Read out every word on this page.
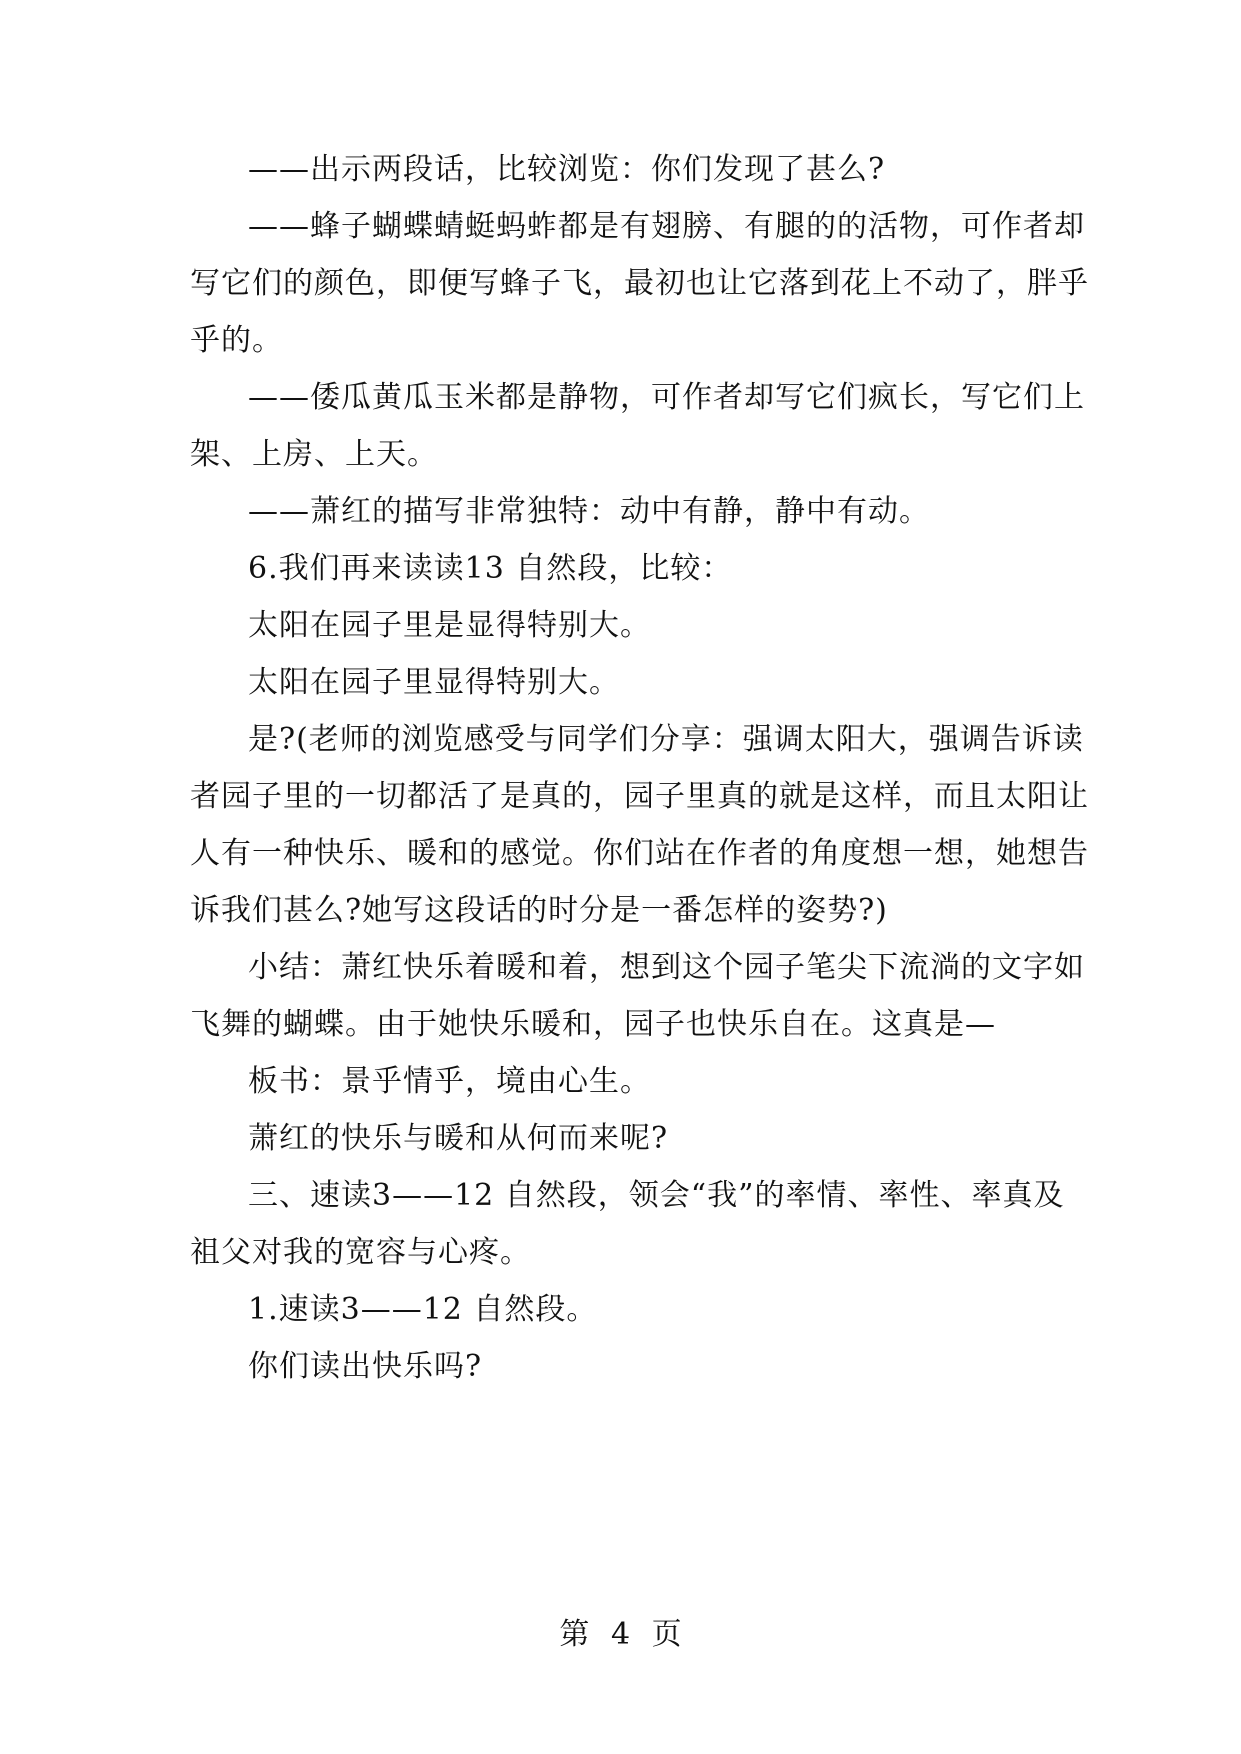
——出示两段话，比较浏览：你们发现了甚么?
——蜂子蝴蝶蜻蜓蚂蚱都是有翅膀、有腿的的活物，可作者却
写它们的颜色，即便写蜂子飞，最初也让它落到花上不动了，胖乎
乎的。
——倭瓜黄瓜玉米都是静物，可作者却写它们疯长，写它们上
架、上房、上天。
——萧红的描写非常独特：动中有静，静中有动。
6.我们再来读读13 自然段，比较：
太阳在园子里是显得特别大。
太阳在园子里显得特别大。
是?(老师的浏览感受与同学们分享：强调太阳大，强调告诉读
者园子里的一切都活了是真的，园子里真的就是这样，而且太阳让
人有一种快乐、暖和的感觉。你们站在作者的角度想一想，她想告
诉我们甚么?她写这段话的时分是一番怎样的姿势?)
小结：萧红快乐着暖和着，想到这个园子笔尖下流淌的文字如
飞舞的蝴蝶。由于她快乐暖和，园子也快乐自在。这真是—
板书：景乎情乎，境由心生。
萧红的快乐与暖和从何而来呢?
三、速读3——12 自然段，领会“我”的率情、率性、率真及
祖父对我的宽容与心疼。
1.速读3——12 自然段。
你们读出快乐吗?
第 4 页
